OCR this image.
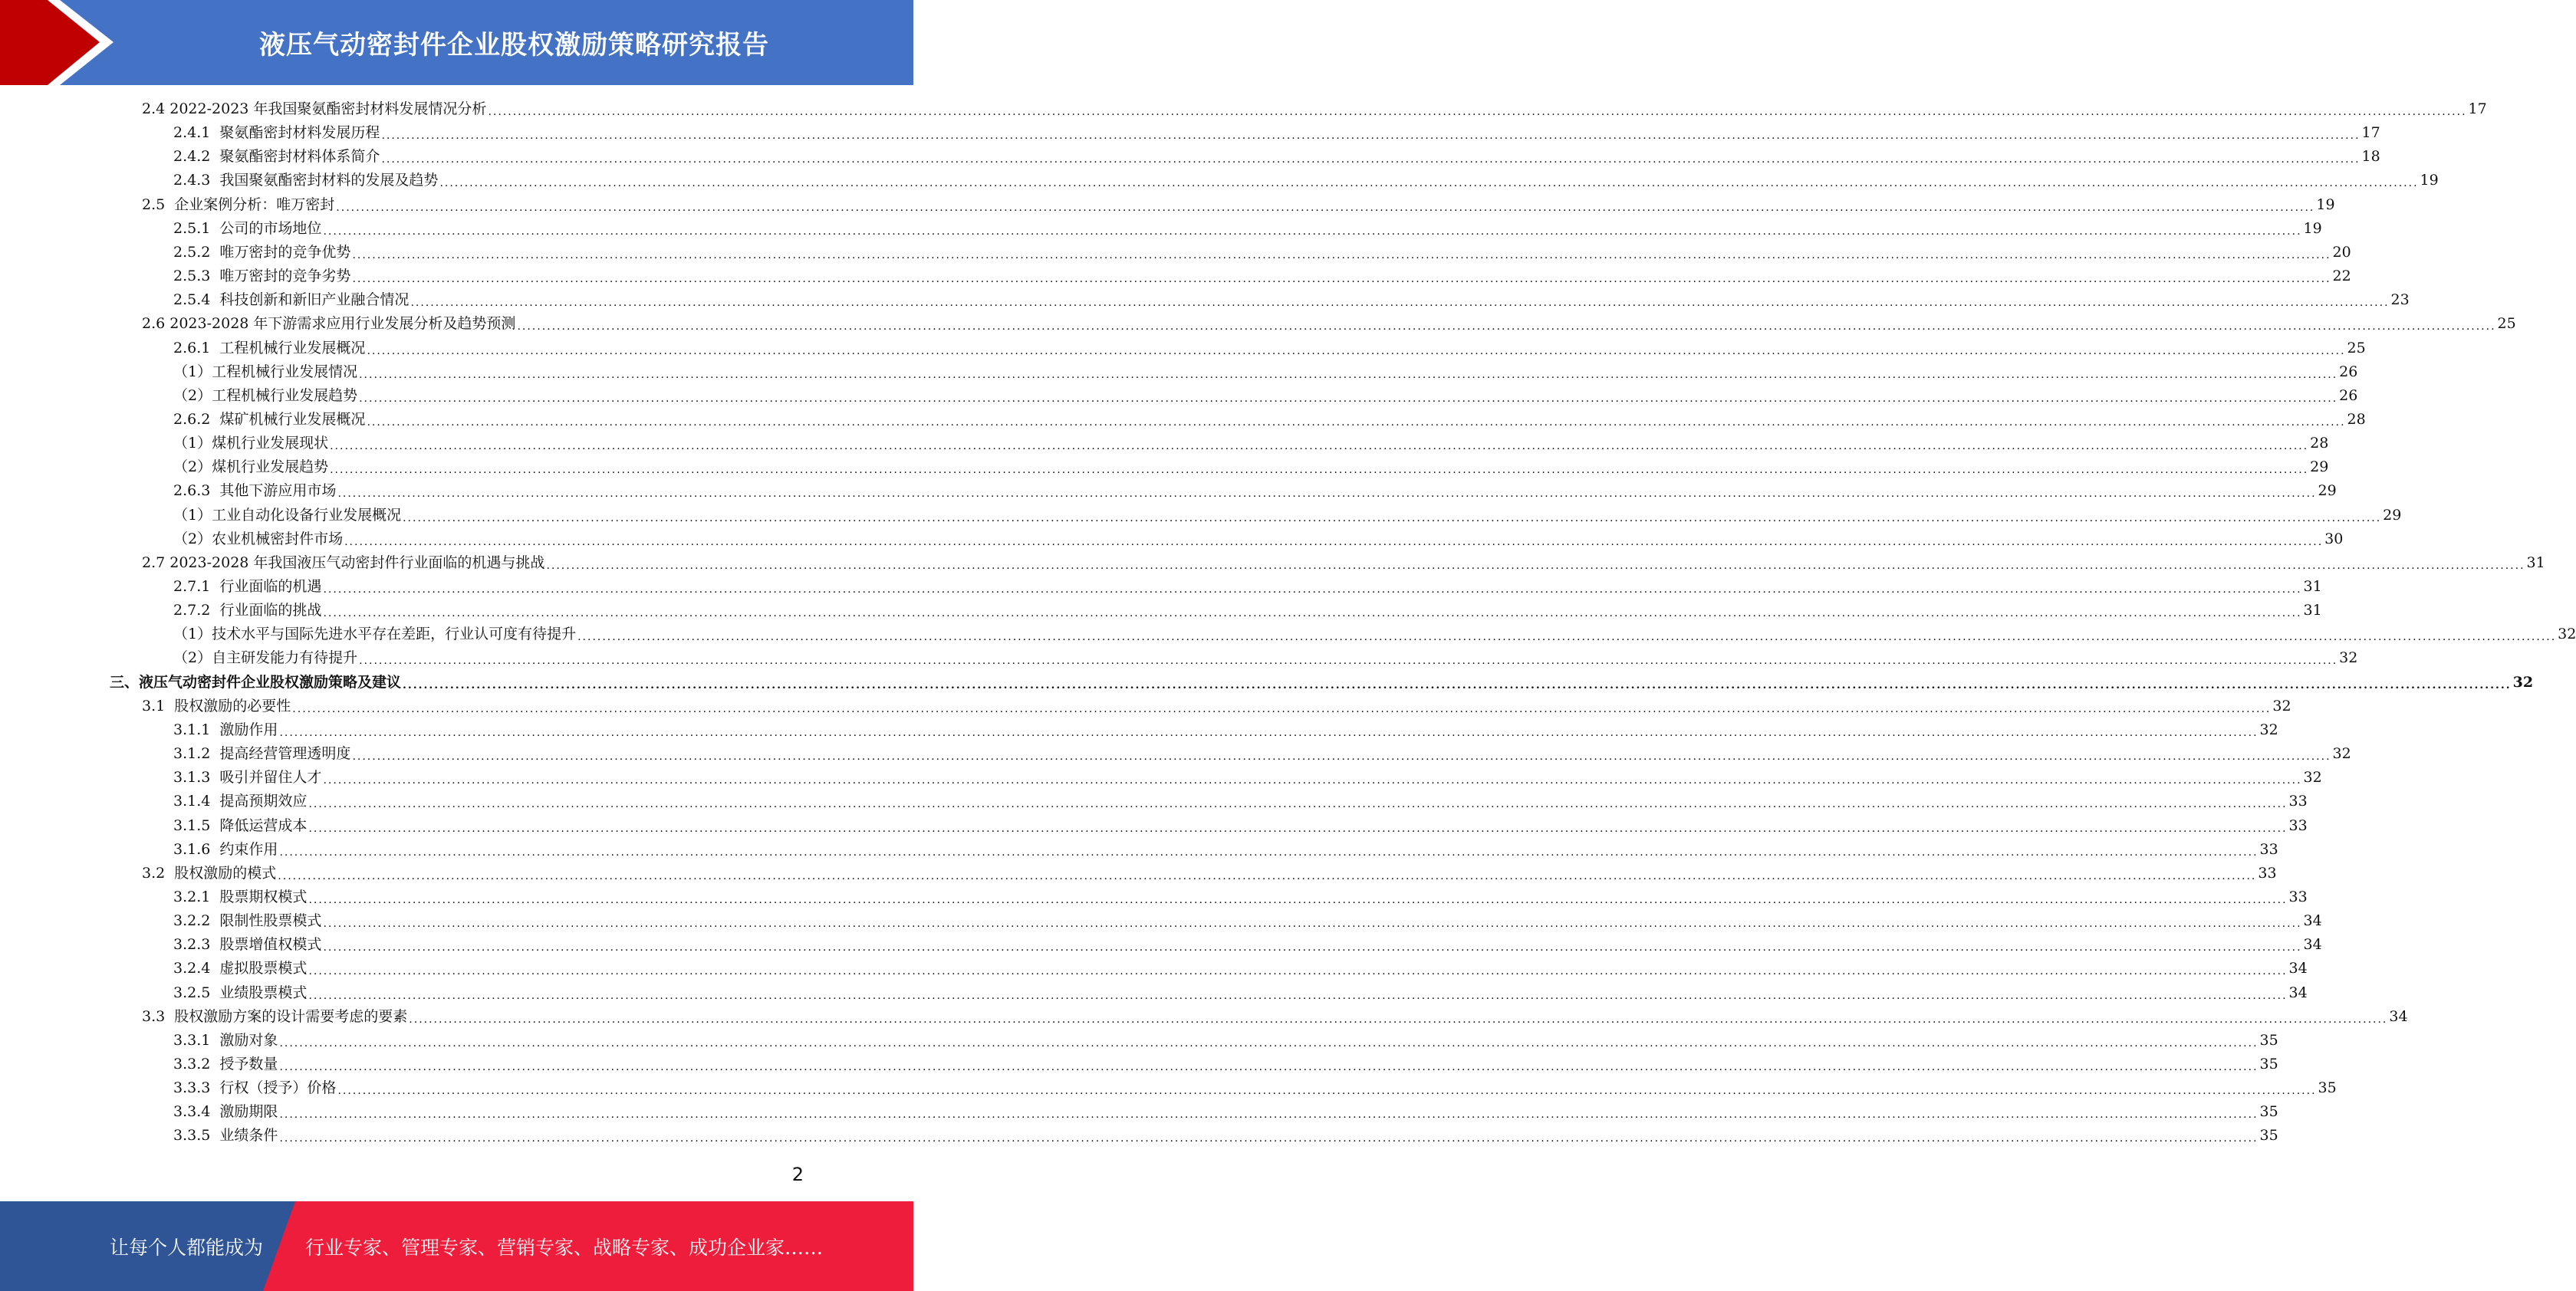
液压气动密封件企业股权激励策略研究报告
2.4 2022-2023 年我国聚氨酯密封材料发展情况分析 ................................................................................................................................................................................................................................................................................................................................................................................................................ 17
2.4.1  聚氨酯密封材料发展历程 ................................................................................................................................................................................................................................................................................................................................................................................................................ 17
2.4.2  聚氨酯密封材料体系简介 ................................................................................................................................................................................................................................................................................................................................................................................................................ 18
2.4.3  我国聚氨酯密封材料的发展及趋势 ................................................................................................................................................................................................................................................................................................................................................................................................................ 19
2.5  企业案例分析：唯万密封 ................................................................................................................................................................................................................................................................................................................................................................................................................ 19
2.5.1  公司的市场地位 ................................................................................................................................................................................................................................................................................................................................................................................................................ 19
2.5.2  唯万密封的竞争优势 ................................................................................................................................................................................................................................................................................................................................................................................................................ 20
2.5.3  唯万密封的竞争劣势 ................................................................................................................................................................................................................................................................................................................................................................................................................ 22
2.5.4  科技创新和新旧产业融合情况 ................................................................................................................................................................................................................................................................................................................................................................................................................ 23
2.6 2023-2028 年下游需求应用行业发展分析及趋势预测 ................................................................................................................................................................................................................................................................................................................................................................................................................ 25
2.6.1  工程机械行业发展概况 ................................................................................................................................................................................................................................................................................................................................................................................................................ 25
（1）工程机械行业发展情况 ................................................................................................................................................................................................................................................................................................................................................................................................................ 26
（2）工程机械行业发展趋势 ................................................................................................................................................................................................................................................................................................................................................................................................................ 26
2.6.2  煤矿机械行业发展概况 ................................................................................................................................................................................................................................................................................................................................................................................................................ 28
（1）煤机行业发展现状 ................................................................................................................................................................................................................................................................................................................................................................................................................ 28
（2）煤机行业发展趋势 ................................................................................................................................................................................................................................................................................................................................................................................................................ 29
2.6.3  其他下游应用市场 ................................................................................................................................................................................................................................................................................................................................................................................................................ 29
（1）工业自动化设备行业发展概况 ................................................................................................................................................................................................................................................................................................................................................................................................................ 29
（2）农业机械密封件市场 ................................................................................................................................................................................................................................................................................................................................................................................................................ 30
2.7 2023-2028 年我国液压气动密封件行业面临的机遇与挑战 ................................................................................................................................................................................................................................................................................................................................................................................................................ 31
2.7.1  行业面临的机遇 ................................................................................................................................................................................................................................................................................................................................................................................................................ 31
2.7.2  行业面临的挑战 ................................................................................................................................................................................................................................................................................................................................................................................................................ 31
（1）技术水平与国际先进水平存在差距，行业认可度有待提升 ................................................................................................................................................................................................................................................................................................................................................................................................................ 32
（2）自主研发能力有待提升 ................................................................................................................................................................................................................................................................................................................................................................................................................ 32
三、液压气动密封件企业股权激励策略及建议 ................................................................................................................................................................................................................................................................................................................................................................................................................ 32
3.1  股权激励的必要性 ................................................................................................................................................................................................................................................................................................................................................................................................................ 32
3.1.1  激励作用 ................................................................................................................................................................................................................................................................................................................................................................................................................ 32
3.1.2  提高经营管理透明度 ................................................................................................................................................................................................................................................................................................................................................................................................................ 32
3.1.3  吸引并留住人才 ................................................................................................................................................................................................................................................................................................................................................................................................................ 32
3.1.4  提高预期效应 ................................................................................................................................................................................................................................................................................................................................................................................................................ 33
3.1.5  降低运营成本 ................................................................................................................................................................................................................................................................................................................................................................................................................ 33
3.1.6  约束作用 ................................................................................................................................................................................................................................................................................................................................................................................................................ 33
3.2  股权激励的模式 ................................................................................................................................................................................................................................................................................................................................................................................................................ 33
3.2.1  股票期权模式 ................................................................................................................................................................................................................................................................................................................................................................................................................ 33
3.2.2  限制性股票模式 ................................................................................................................................................................................................................................................................................................................................................................................................................ 34
3.2.3  股票增值权模式 ................................................................................................................................................................................................................................................................................................................................................................................................................ 34
3.2.4  虚拟股票模式 ................................................................................................................................................................................................................................................................................................................................................................................................................ 34
3.2.5  业绩股票模式 ................................................................................................................................................................................................................................................................................................................................................................................................................ 34
3.3  股权激励方案的设计需要考虑的要素 ................................................................................................................................................................................................................................................................................................................................................................................................................ 34
3.3.1  激励对象 ................................................................................................................................................................................................................................................................................................................................................................................................................ 35
3.3.2  授予数量 ................................................................................................................................................................................................................................................................................................................................................................................................................ 35
3.3.3  行权（授予）价格 ................................................................................................................................................................................................................................................................................................................................................................................................................ 35
3.3.4  激励期限 ................................................................................................................................................................................................................................................................................................................................................................................................................ 35
3.3.5  业绩条件 ................................................................................................................................................................................................................................................................................................................................................................................................................ 35
2
让每个人都能成为 行业专家、管理专家、营销专家、战略专家、成功企业家……
